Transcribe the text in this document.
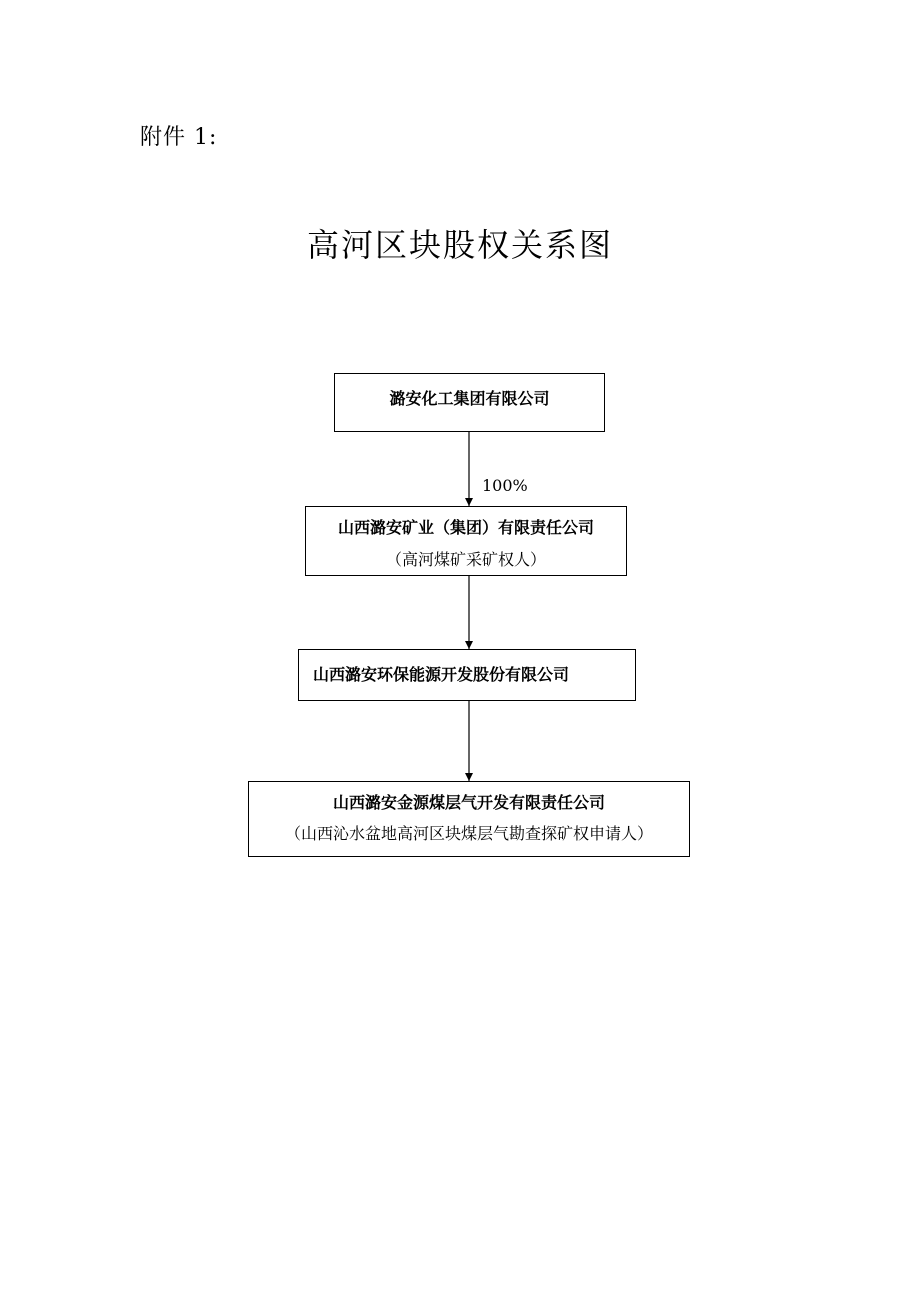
附件 1:
高河区块股权关系图
100%
潞安化工集团有限公司
山西潞安矿业（集团）有限责任公司
（高河煤矿采矿权人）
山西潞安环保能源开发股份有限公司
山西潞安金源煤层气开发有限责任公司
（山西沁水盆地高河区块煤层气勘查探矿权申请人）
